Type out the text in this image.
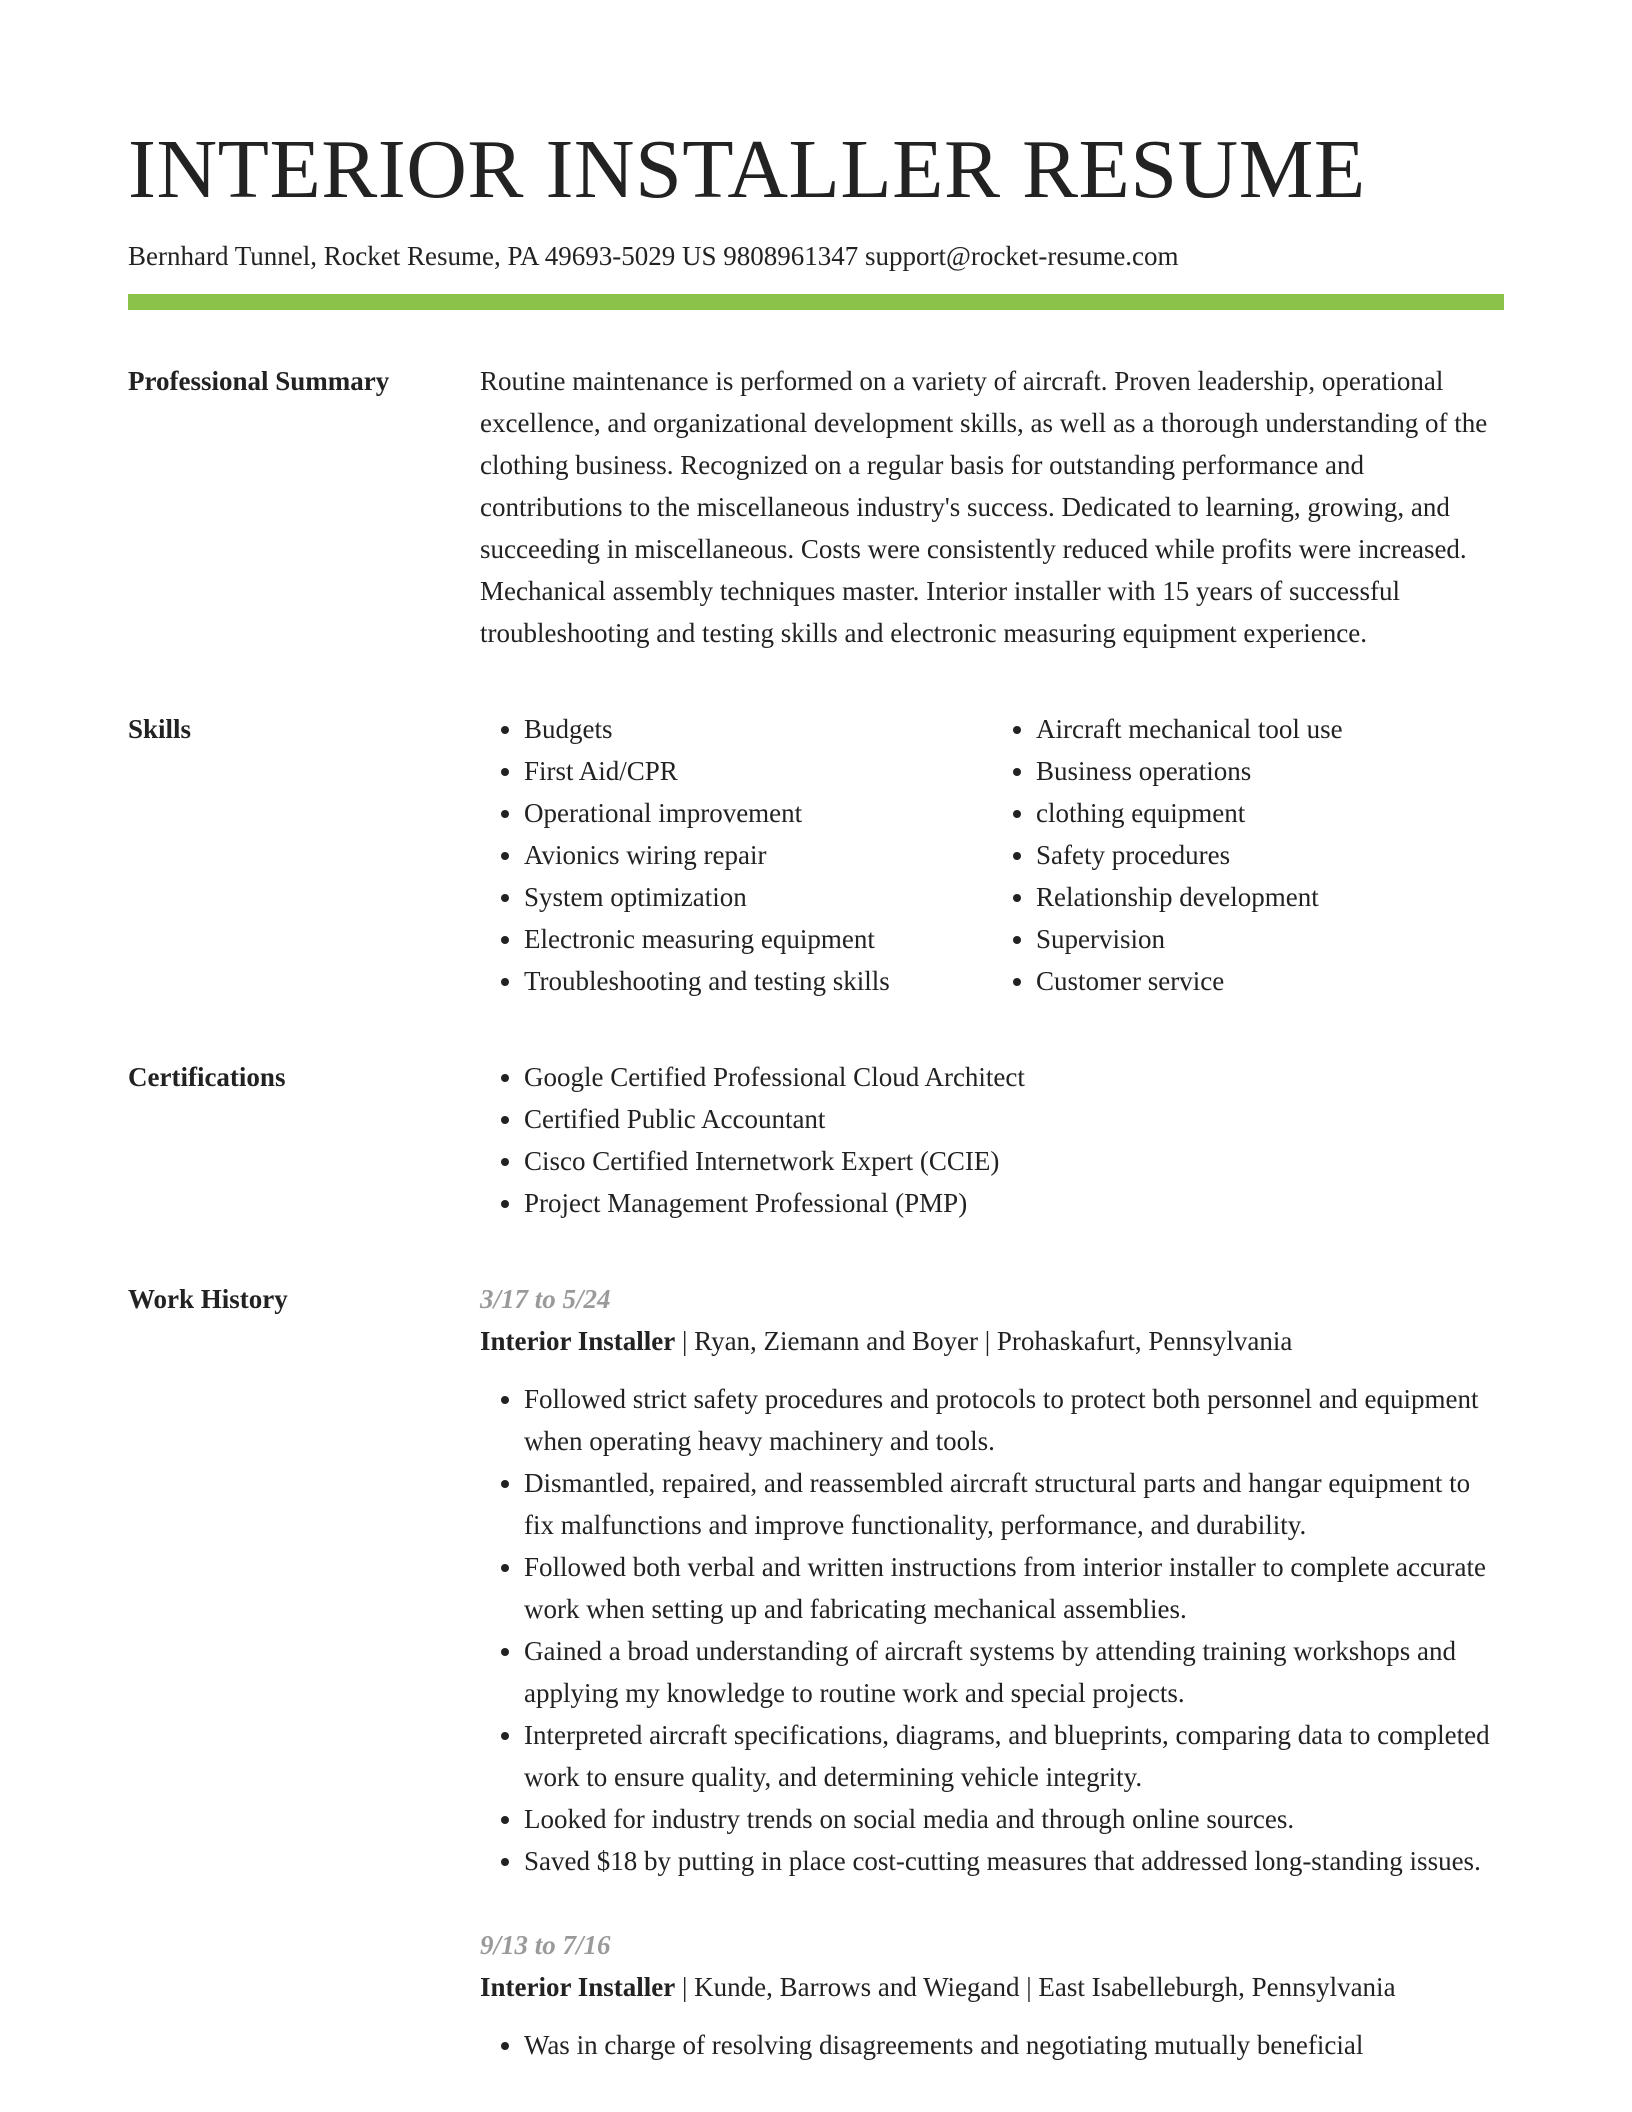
INTERIOR INSTALLER RESUME
Bernhard Tunnel, Rocket Resume, PA 49693-5029 US 9808961347 support@rocket-resume.com
Professional Summary	Routine maintenance is performed on a variety of aircraft. Proven leadership, operational excellence, and organizational development skills, as well as a thorough understanding of the clothing business. Recognized on a regular basis for outstanding performance and contributions to the miscellaneous industry's success. Dedicated to learning, growing, and succeeding in miscellaneous. Costs were consistently reduced while profits were increased. Mechanical assembly techniques master. Interior installer with 15 years of successful troubleshooting and testing skills and electronic measuring equipment experience.

Skills	• Budgets
• First Aid/CPR
• Operational improvement
• Avionics wiring repair
• System optimization
• Electronic measuring equipment
• Troubleshooting and testing skills
• Aircraft mechanical tool use
• Business operations
• clothing equipment
• Safety procedures
• Relationship development
• Supervision
• Customer service
Certifications	• Google Certified Professional Cloud Architect
• Certified Public Accountant
• Cisco Certified Internetwork Expert (CCIE)
• Project Management Professional (PMP)
Work History	3/17 to 5/24
Interior Installer | Ryan, Ziemann and Boyer | Prohaskafurt, Pennsylvania
• Followed strict safety procedures and protocols to protect both personnel and equipment when operating heavy machinery and tools.
• Dismantled, repaired, and reassembled aircraft structural parts and hangar equipment to fix malfunctions and improve functionality, performance, and durability.
• Followed both verbal and written instructions from interior installer to complete accurate work when setting up and fabricating mechanical assemblies.
• Gained a broad understanding of aircraft systems by attending training workshops and applying my knowledge to routine work and special projects.
• Interpreted aircraft specifications, diagrams, and blueprints, comparing data to completed work to ensure quality, and determining vehicle integrity.
• Looked for industry trends on social media and through online sources.
• Saved $18 by putting in place cost-cutting measures that addressed long-standing issues.
9/13 to 7/16
Interior Installer | Kunde, Barrows and Wiegand | East Isabelleburgh, Pennsylvania
• Was in charge of resolving disagreements and negotiating mutually beneficial
